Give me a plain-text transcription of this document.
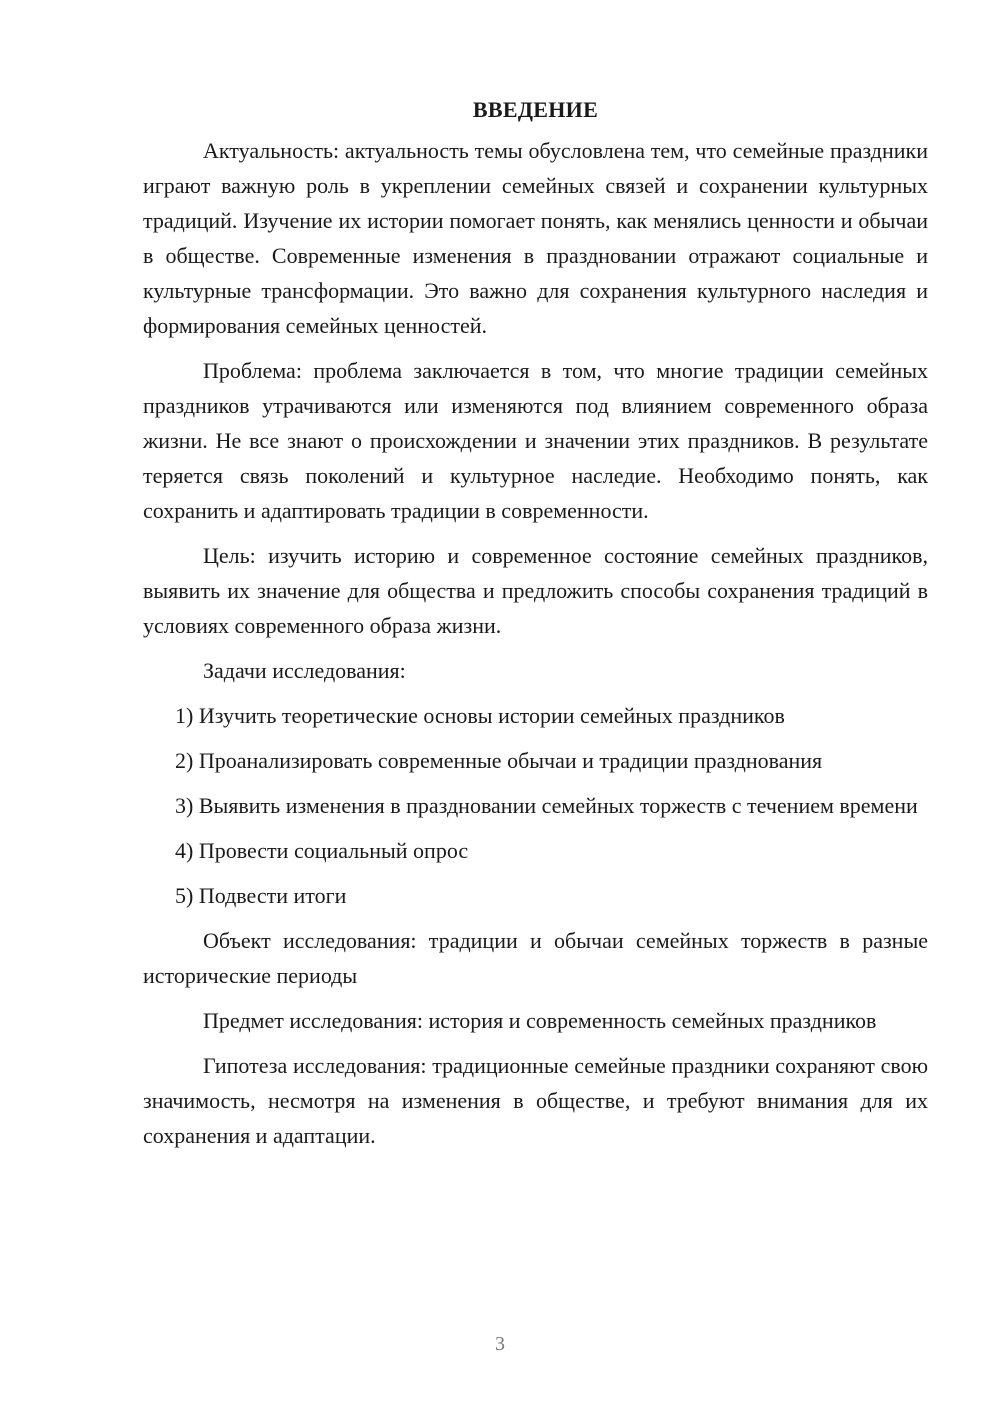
ВВЕДЕНИЕ

Актуальность: актуальность темы обусловлена тем, что семейные праздники играют важную роль в укреплении семейных связей и сохранении культурных традиций. Изучение их истории помогает понять, как менялись ценности и обычаи в обществе. Современные изменения в праздновании отражают социальные и культурные трансформации. Это важно для сохранения культурного наследия и формирования семейных ценностей.

Проблема: проблема заключается в том, что многие традиции семейных праздников утрачиваются или изменяются под влиянием современного образа жизни. Не все знают о происхождении и значении этих праздников. В результате теряется связь поколений и культурное наследие. Необходимо понять, как сохранить и адаптировать традиции в современности.

Цель: изучить историю и современное состояние семейных праздников, выявить их значение для общества и предложить способы сохранения традиций в условиях современного образа жизни.

Задачи исследования:

1) Изучить теоретические основы истории семейных праздников

2) Проанализировать современные обычаи и традиции празднования

3) Выявить изменения в праздновании семейных торжеств с течением времени

4) Провести социальный опрос

5) Подвести итоги

Объект исследования: традиции и обычаи семейных торжеств в разные исторические периоды

Предмет исследования: история и современность семейных праздников

Гипотеза исследования: традиционные семейные праздники сохраняют свою значимость, несмотря на изменения в обществе, и требуют внимания для их сохранения и адаптации.

3
